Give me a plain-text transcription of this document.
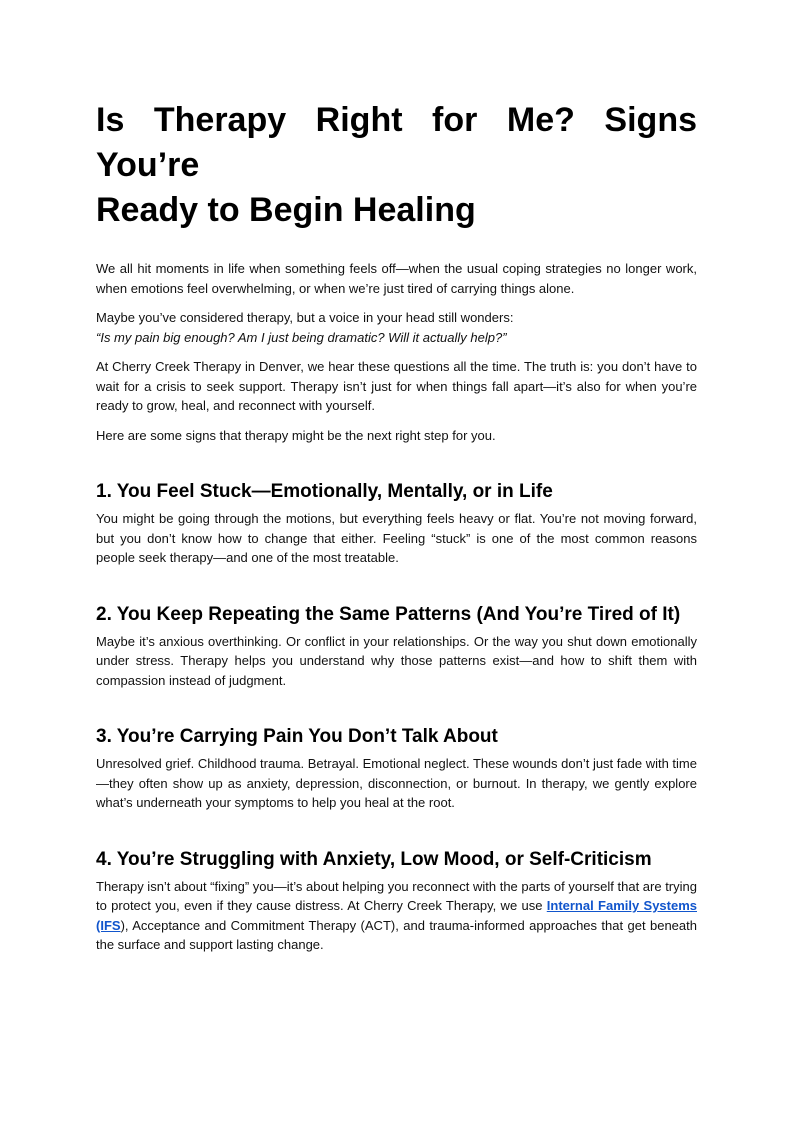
Is Therapy Right for Me? Signs You’re
Ready to Begin Healing

We all hit moments in life when something feels off—when the usual coping strategies no longer work, when emotions feel overwhelming, or when we’re just tired of carrying things alone.

Maybe you’ve considered therapy, but a voice in your head still wonders:
“Is my pain big enough? Am I just being dramatic? Will it actually help?”

At Cherry Creek Therapy in Denver, we hear these questions all the time. The truth is: you don’t have to wait for a crisis to seek support. Therapy isn’t just for when things fall apart—it’s also for when you’re ready to grow, heal, and reconnect with yourself.

Here are some signs that therapy might be the next right step for you.

1. You Feel Stuck—Emotionally, Mentally, or in Life

You might be going through the motions, but everything feels heavy or flat. You’re not moving forward, but you don’t know how to change that either. Feeling “stuck” is one of the most common reasons people seek therapy—and one of the most treatable.

2. You Keep Repeating the Same Patterns (And You’re Tired of It)

Maybe it’s anxious overthinking. Or conflict in your relationships. Or the way you shut down emotionally under stress. Therapy helps you understand why those patterns exist—and how to shift them with compassion instead of judgment.

3. You’re Carrying Pain You Don’t Talk About

Unresolved grief. Childhood trauma. Betrayal. Emotional neglect. These wounds don’t just fade with time—they often show up as anxiety, depression, disconnection, or burnout. In therapy, we gently explore what’s underneath your symptoms to help you heal at the root.

4. You’re Struggling with Anxiety, Low Mood, or Self-Criticism

Therapy isn’t about “fixing” you—it’s about helping you reconnect with the parts of yourself that are trying to protect you, even if they cause distress. At Cherry Creek Therapy, we use Internal Family Systems (IFS), Acceptance and Commitment Therapy (ACT), and trauma-informed approaches that get beneath the surface and support lasting change.
